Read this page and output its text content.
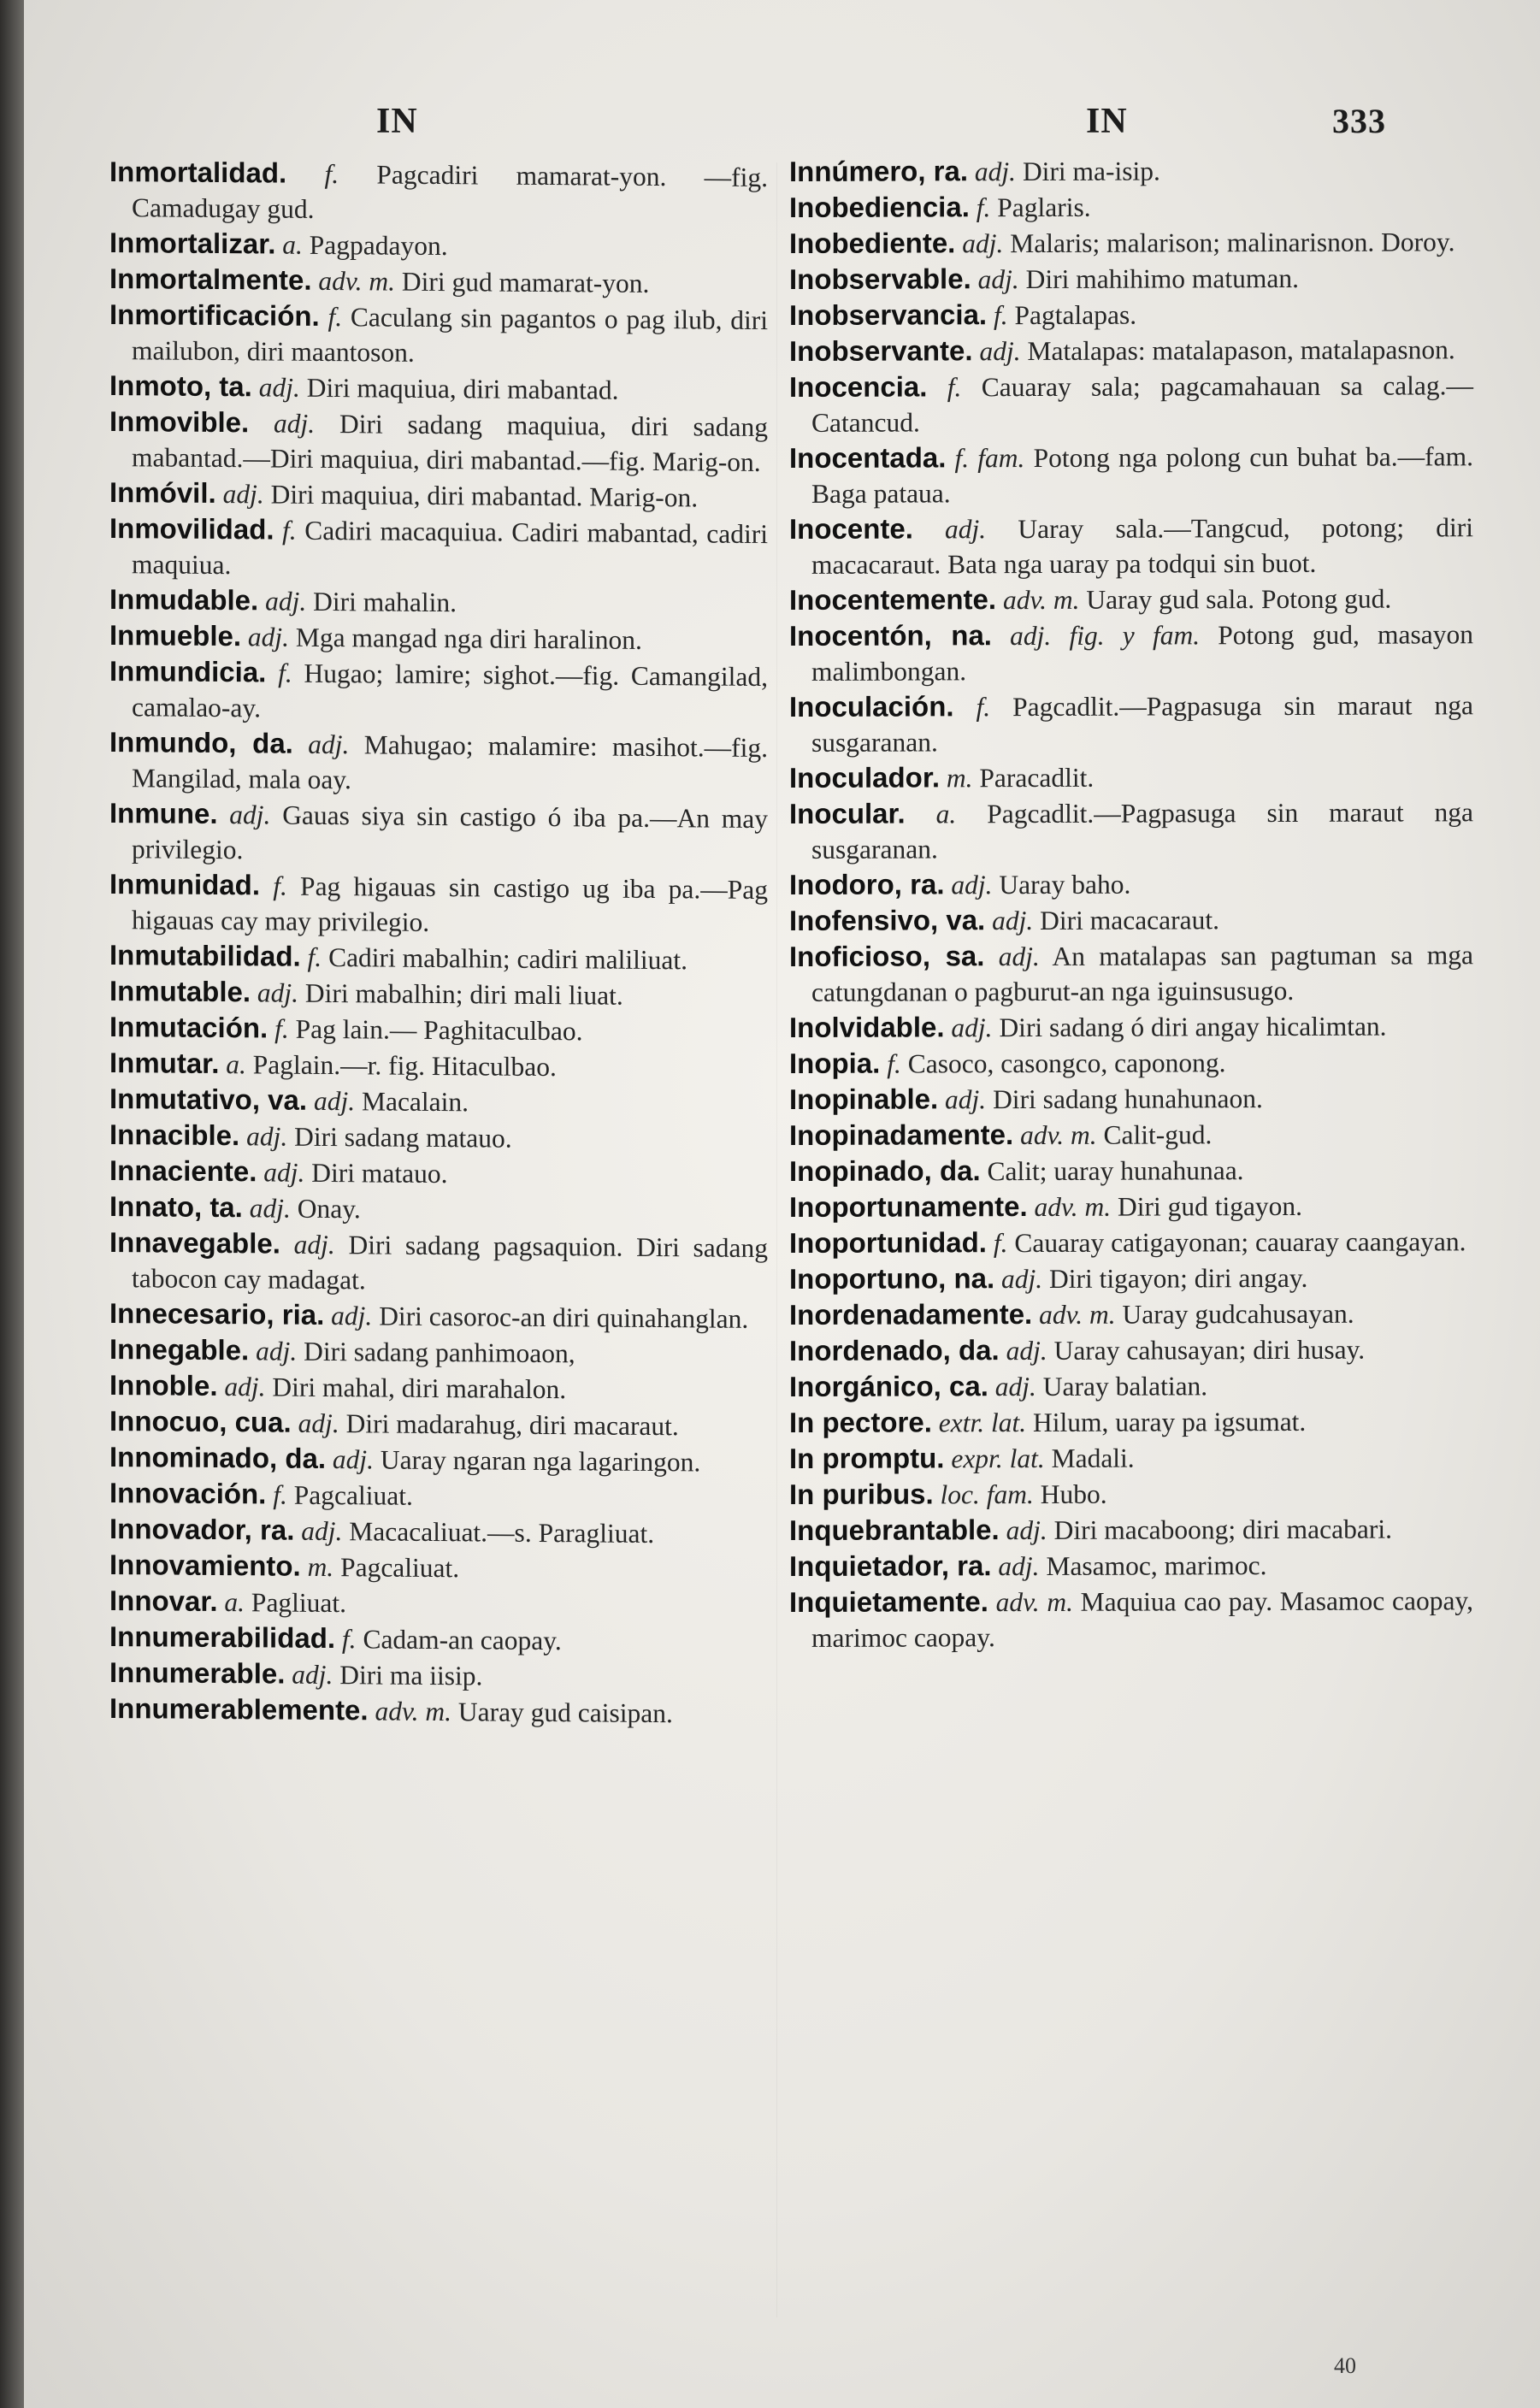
IN	IN	333

Inmortalidad. f. Pagcadiri mamarat-yon. —fig. Camadugay gud.

Inmortalizar. a. Pagpadayon.

Inmortalmente. adv. m. Diri gud mamarat-yon.

Inmortificación. f. Caculang sin pagantos o pag ilub, diri mailubon, diri maantoson.

Inmoto, ta. adj. Diri maquiua, diri mabantad.

Inmovible. adj. Diri sadang maquiua, diri sadang mabantad.—Diri maquiua, diri mabantad.—fig. Marig-on.

Inmóvil. adj. Diri maquiua, diri mabantad. Marig-on.

Inmovilidad. f. Cadiri macaquiua. Cadiri mabantad, cadiri maquiua.

Inmudable. adj. Diri mahalin.

Inmueble. adj. Mga mangad nga diri haralinon.

Inmundicia. f. Hugao; lamire; sighot.—fig. Camangilad, camalao-ay.

Inmundo, da. adj. Mahugao; malamire: masihot.—fig. Mangilad, mala oay.

Inmune. adj. Gauas siya sin castigo ó iba pa.—An may privilegio.

Inmunidad. f. Pag higauas sin castigo ug iba pa.—Pag higauas cay may privilegio.

Inmutabilidad. f. Cadiri mabalhin; cadiri maliliuat.

Inmutable. adj. Diri mabalhin; diri mali liuat.

Inmutación. f. Pag lain.— Paghitaculbao.

Inmutar. a. Paglain.—r. fig. Hitaculbao.

Inmutativo, va. adj. Macalain.

Innacible. adj. Diri sadang matauo.

Innaciente. adj. Diri matauo.

Innato, ta. adj. Onay.

Innavegable. adj. Diri sadang pagsaquion. Diri sadang tabocon cay madagat.

Innecesario, ria. adj. Diri casoroc-an diri quinahanglan.

Innegable. adj. Diri sadang panhimoaon,

Innoble. adj. Diri mahal, diri marahalon.

Innocuo, cua. adj. Diri madarahug, diri macaraut.

Innominado, da. adj. Uaray ngaran nga lagaringon.

Innovación. f. Pagcaliuat.

Innovador, ra. adj. Macacaliuat.—s. Paragliuat.

Innovamiento. m. Pagcaliuat.

Innovar. a. Pagliuat.

Innumerabilidad. f. Cadam-an caopay.

Innumerable. adj. Diri ma iisip.

Innumerablemente. adv. m. Uaray gud caisipan.

Innúmero, ra. adj. Diri ma-isip.

Inobediencia. f. Paglaris.

Inobediente. adj. Malaris; malarison; malinarisnon. Doroy.

Inobservable. adj. Diri mahihimo matuman.

Inobservancia. f. Pagtalapas.

Inobservante. adj. Matalapas: matalapason, matalapasnon.

Inocencia. f. Cauaray sala; pagcamahauan sa calag.—Catancud.

Inocentada. f. fam. Potong nga polong cun buhat ba.—fam. Baga pataua.

Inocente. adj. Uaray sala.—Tangcud, potong; diri macacaraut. Bata nga uaray pa todqui sin buot.

Inocentemente. adv. m. Uaray gud sala. Potong gud.

Inocentón, na. adj. fig. y fam. Potong gud, masayon malimbongan.

Inoculación. f. Pagcadlit.—Pagpasuga sin maraut nga susgaranan.

Inoculador. m. Paracadlit.

Inocular. a. Pagcadlit.—Pagpasuga sin maraut nga susgaranan.

Inodoro, ra. adj. Uaray baho.

Inofensivo, va. adj. Diri macacaraut.

Inoficioso, sa. adj. An matalapas san pagtuman sa mga catungdanan o pagburut-an nga iguinsusugo.

Inolvidable. adj. Diri sadang ó diri angay hicalimtan.

Inopia. f. Casoco, casongco, caponong.

Inopinable. adj. Diri sadang hunahunaon.

Inopinadamente. adv. m. Calit-gud.

Inopinado, da. Calit; uaray hunahunaa.

Inoportunamente. adv. m. Diri gud tigayon.

Inoportunidad. f. Cauaray catigayonan; cauaray caangayan.

Inoportuno, na. adj. Diri tigayon; diri angay.

Inordenadamente. adv. m. Uaray gudcahusayan.

Inordenado, da. adj. Uaray cahusayan; diri husay.

Inorgánico, ca. adj. Uaray balatian.

In pectore. extr. lat. Hilum, uaray pa igsumat.

In promptu. expr. lat. Madali.

In puribus. loc. fam. Hubo.

Inquebrantable. adj. Diri macaboong; diri macabari.

Inquietador, ra. adj. Masamoc, marimoc.

Inquietamente. adv. m. Maquiua cao pay. Masamoc caopay, marimoc caopay.

40
